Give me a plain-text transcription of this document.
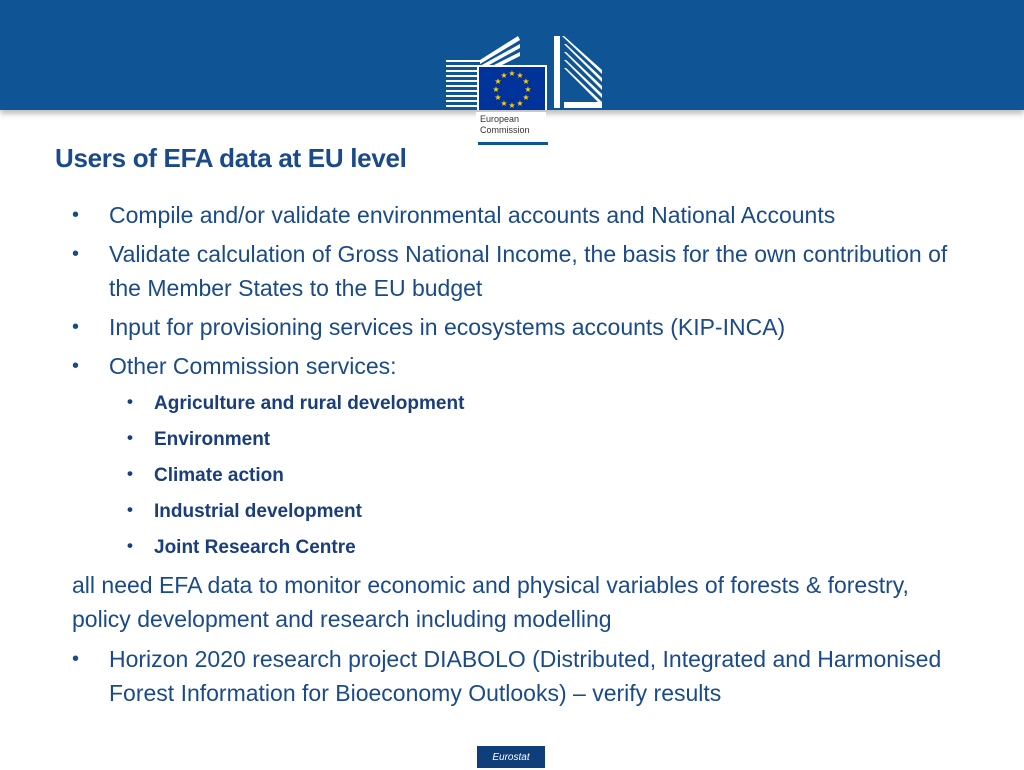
★ ★
★
★
★
★
★
★
★
★
★
★
European
Commission
Users of EFA data at EU level
• Compile and/or validate environmental accounts and National Accounts
• Validate calculation of Gross National Income, the basis for the own contribution of the Member States to the EU budget
• Input for provisioning services in ecosystems accounts (KIP-INCA)
• Other Commission services:
• Agriculture and rural development
• Environment
• Climate action
• Industrial development
• Joint Research Centre
all need EFA data to monitor economic and physical variables of forests & forestry, policy development and research including modelling
• Horizon 2020 research project DIABOLO (Distributed, Integrated and Harmonised Forest Information for Bioeconomy Outlooks) – verify results
Eurostat
